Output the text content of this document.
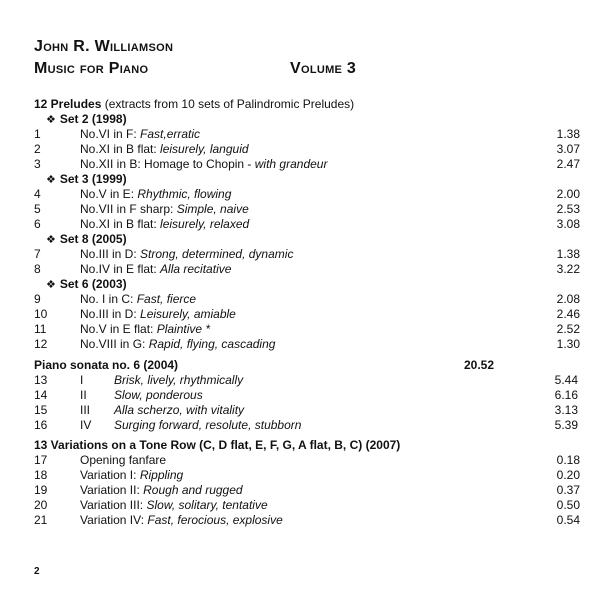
John R. Williamson
Music for Piano	Volume 3
12 Preludes (extracts from 10 sets of Palindromic Preludes)
❖ Set 2 (1998)
1	No.VI in F: Fast,erratic	1.38
2	No.XI in B flat: leisurely, languid	3.07
3	No.XII in B: Homage to Chopin - with grandeur	2.47
❖ Set 3 (1999)
4	No.V in E: Rhythmic, flowing	2.00
5	No.VII in F sharp: Simple, naive	2.53
6	No.XI in B flat: leisurely, relaxed	3.08
❖ Set 8 (2005)
7	No.III in D: Strong, determined, dynamic	1.38
8	No.IV in E flat: Alla recitative	3.22
❖ Set 6 (2003)
9	No. I in C: Fast, fierce	2.08
10	No.III in D: Leisurely, amiable	2.46
11	No.V in E flat: Plaintive *	2.52
12	No.VIII in G: Rapid, flying, cascading	1.30
Piano sonata no. 6 (2004)	20.52
13	I	Brisk, lively, rhythmically	5.44
14	II	Slow, ponderous	6.16
15	III	Alla scherzo, with vitality	3.13
16	IV	Surging forward, resolute, stubborn	5.39
13 Variations on a Tone Row (C, D flat, E, F, G, A flat, B, C) (2007)
17	Opening fanfare	0.18
18	Variation I: Rippling	0.20
19	Variation II: Rough and rugged	0.37
20	Variation III: Slow, solitary, tentative	0.50
21	Variation IV: Fast, ferocious, explosive	0.54
2
